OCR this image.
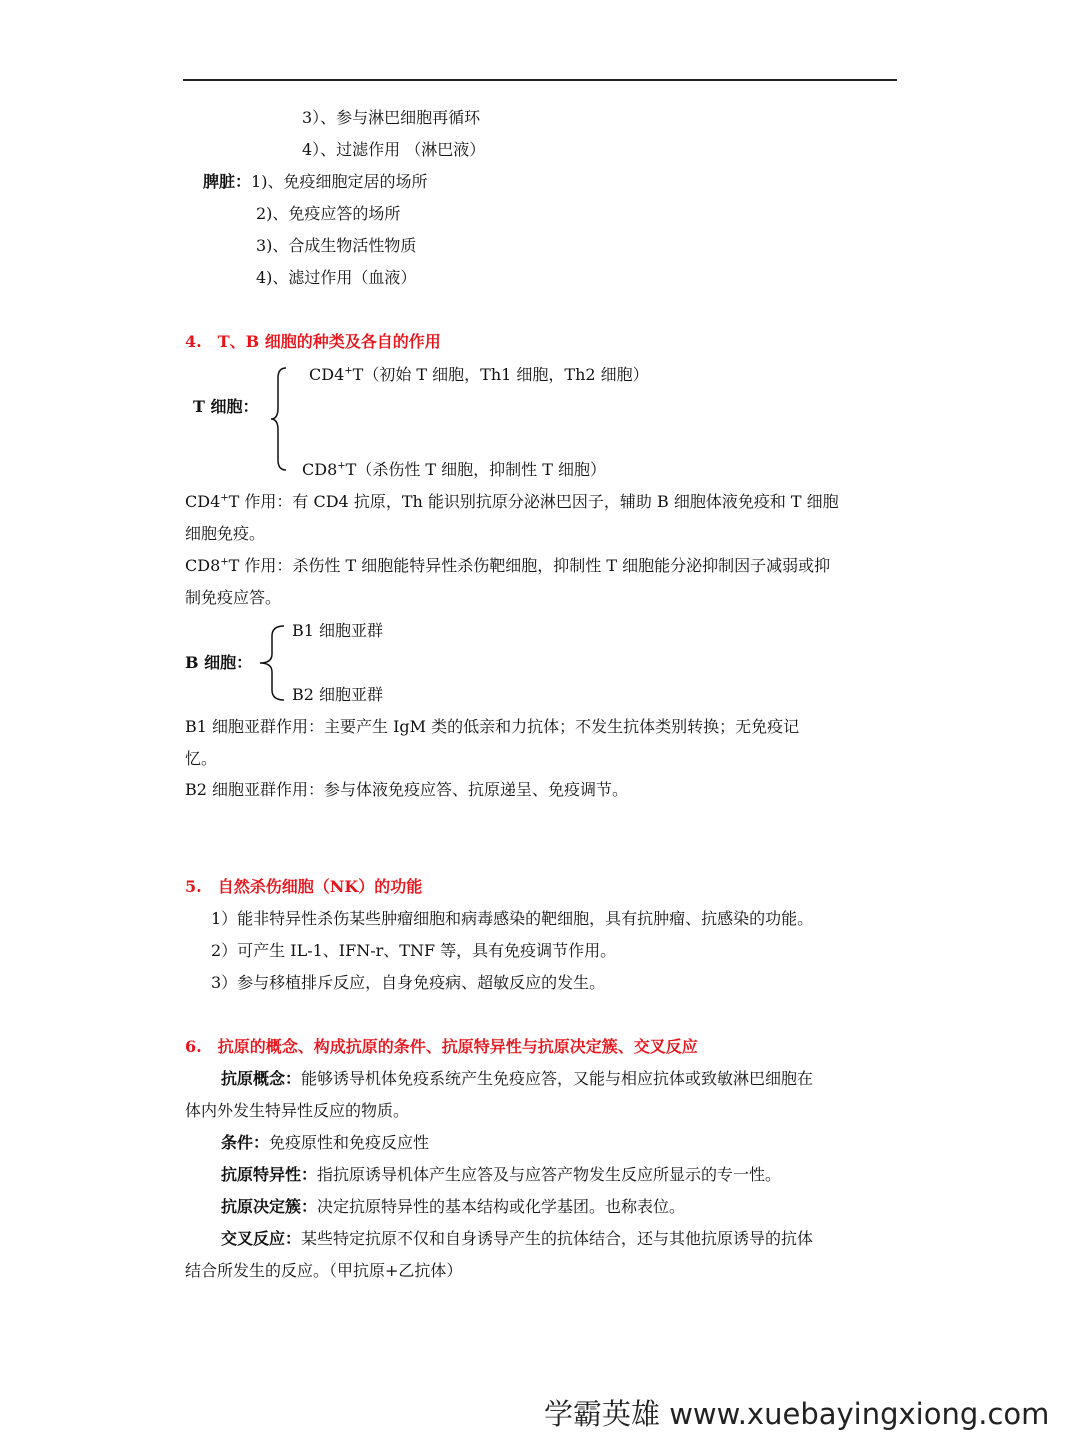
3）、参与淋巴细胞再循环
4）、过滤作用 （淋巴液）
脾脏：1)、免疫细胞定居的场所
2)、免疫应答的场所
3)、合成生物活性物质
4)、滤过作用（血液）
4.　T、B 细胞的种类及各自的作用
CD4+T（初始 T 细胞，Th1 细胞，Th2 细胞）
T 细胞：
CD8+T（杀伤性 T 细胞，抑制性 T 细胞）
CD4+T 作用：有 CD4 抗原，Th 能识别抗原分泌淋巴因子，辅助 B 细胞体液免疫和 T 细胞
细胞免疫。
CD8+T 作用：杀伤性 T 细胞能特异性杀伤靶细胞，抑制性 T 细胞能分泌抑制因子减弱或抑
制免疫应答。
B1 细胞亚群
B 细胞：
B2 细胞亚群
B1 细胞亚群作用：主要产生 IgM 类的低亲和力抗体；不发生抗体类别转换；无免疫记
忆。
B2 细胞亚群作用：参与体液免疫应答、抗原递呈、免疫调节。
5.　自然杀伤细胞（NK）的功能
1）能非特异性杀伤某些肿瘤细胞和病毒感染的靶细胞，具有抗肿瘤、抗感染的功能。
2）可产生 IL-1、IFN-r、TNF 等，具有免疫调节作用。
3）参与移植排斥反应，自身免疫病、超敏反应的发生。
6.　抗原的概念、构成抗原的条件、抗原特异性与抗原决定簇、交叉反应
抗原概念：能够诱导机体免疫系统产生免疫应答，又能与相应抗体或致敏淋巴细胞在
体内外发生特异性反应的物质。
条件：免疫原性和免疫反应性
抗原特异性：指抗原诱导机体产生应答及与应答产物发生反应所显示的专一性。
抗原决定簇：决定抗原特异性的基本结构或化学基团。也称表位。
交叉反应：某些特定抗原不仅和自身诱导产生的抗体结合，还与其他抗原诱导的抗体
结合所发生的反应。（甲抗原+乙抗体）
学霸英雄 www.xuebayingxiong.com
